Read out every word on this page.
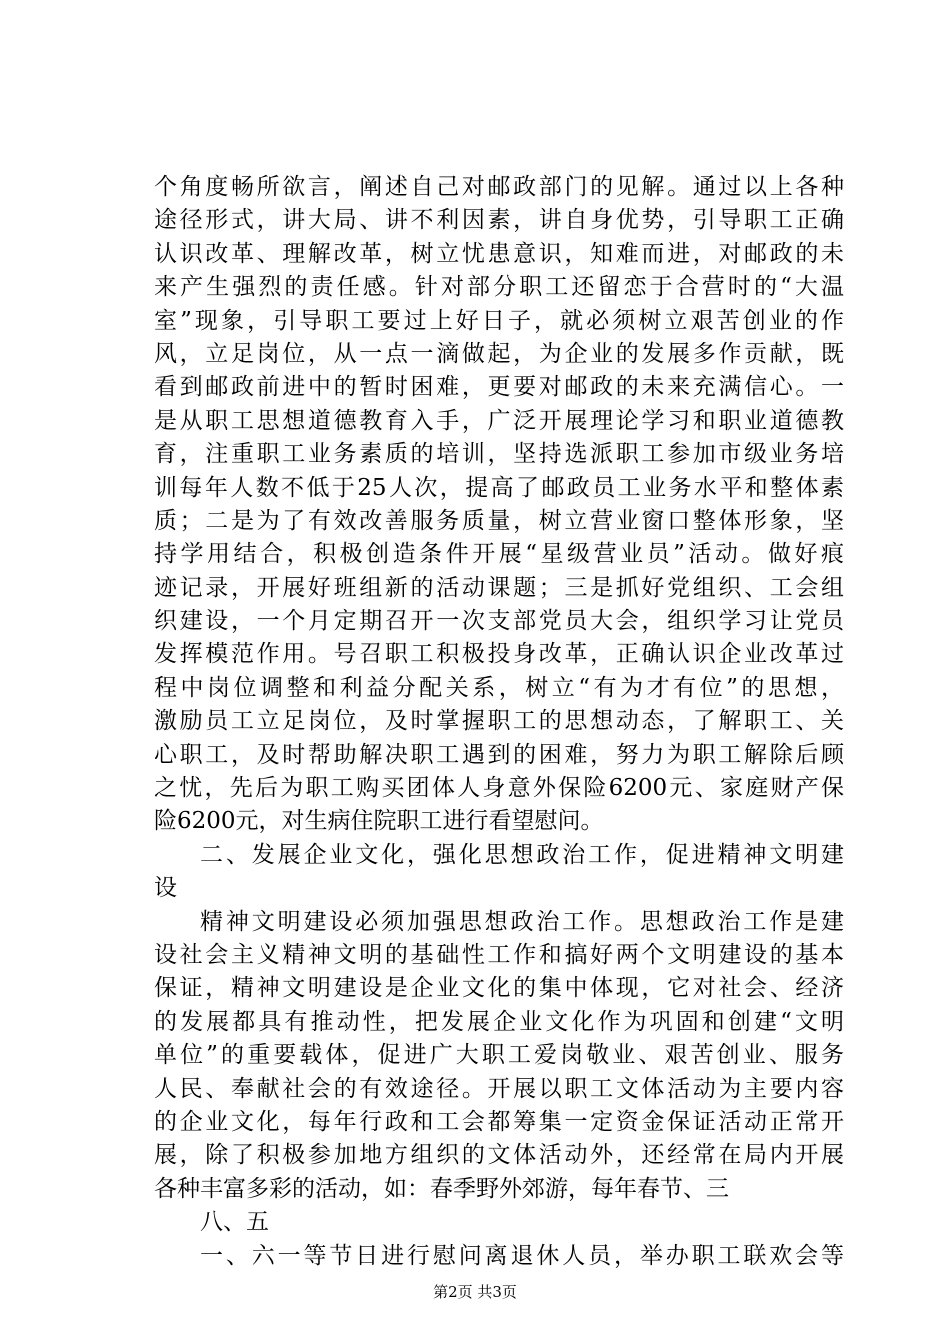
个角度畅所欲言，阐述自己对邮政部门的见解。通过以上各种
途径形式，讲大局、讲不利因素，讲自身优势，引导职工正确
认识改革、理解改革，树立忧患意识，知难而进，对邮政的未
来产生强烈的责任感。针对部分职工还留恋于合营时的“大温
室”现象，引导职工要过上好日子，就必须树立艰苦创业的作
风，立足岗位，从一点一滴做起，为企业的发展多作贡献，既
看到邮政前进中的暂时困难，更要对邮政的未来充满信心。一
是从职工思想道德教育入手，广泛开展理论学习和职业道德教
育，注重职工业务素质的培训，坚持选派职工参加市级业务培
训每年人数不低于25人次，提高了邮政员工业务水平和整体素
质；二是为了有效改善服务质量，树立营业窗口整体形象，坚
持学用结合，积极创造条件开展“星级营业员”活动。做好痕
迹记录，开展好班组新的活动课题；三是抓好党组织、工会组
织建设，一个月定期召开一次支部党员大会，组织学习让党员
发挥模范作用。号召职工积极投身改革，正确认识企业改革过
程中岗位调整和利益分配关系，树立“有为才有位”的思想，
激励员工立足岗位，及时掌握职工的思想动态，了解职工、关
心职工，及时帮助解决职工遇到的困难，努力为职工解除后顾
之忧，先后为职工购买团体人身意外保险6200元、家庭财产保
险6200元，对生病住院职工进行看望慰问。
二、发展企业文化，强化思想政治工作，促进精神文明建
设
精神文明建设必须加强思想政治工作。思想政治工作是建
设社会主义精神文明的基础性工作和搞好两个文明建设的基本
保证，精神文明建设是企业文化的集中体现，它对社会、经济
的发展都具有推动性，把发展企业文化作为巩固和创建“文明
单位”的重要载体，促进广大职工爱岗敬业、艰苦创业、服务
人民、奉献社会的有效途径。开展以职工文体活动为主要内容
的企业文化，每年行政和工会都筹集一定资金保证活动正常开
展，除了积极参加地方组织的文体活动外，还经常在局内开展
各种丰富多彩的活动，如：春季野外郊游，每年春节、三
八、五
一、六一等节日进行慰问离退休人员，举办职工联欢会等
第2页 共3页
